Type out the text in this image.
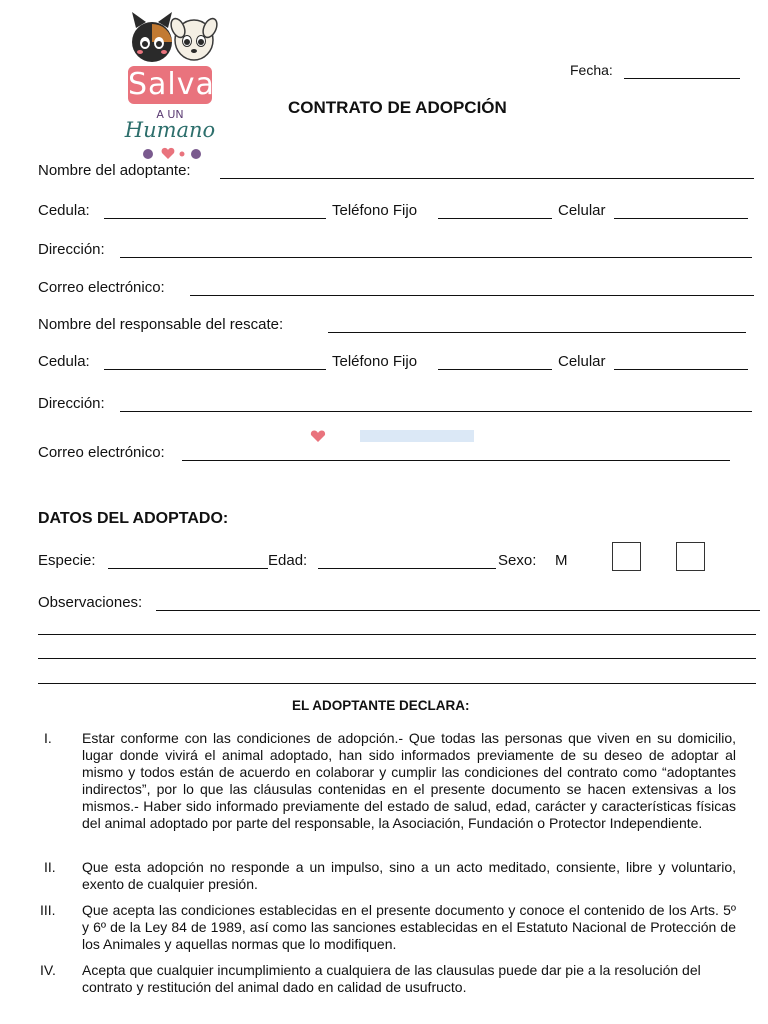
Salva
A UN
Humano
Fecha:
CONTRATO DE ADOPCIÓN
Nombre del adoptante:
Cedula:	Teléfono Fijo	Celular
Dirección:
Correo electrónico:
Nombre del responsable del rescate:
Cedula:	Teléfono Fijo	Celular
Dirección:
Correo electrónico:
DATOS DEL ADOPTADO:
Especie:	Edad:	Sexo: M
Observaciones:
EL ADOPTANTE DECLARA:
I. Estar conforme con las condiciones de adopción.- Que todas las personas que viven en su domicilio, lugar donde vivirá el animal adoptado, han sido informados previamente de su deseo de adoptar al mismo y todos están de acuerdo en colaborar y cumplir las condiciones del contrato como “adoptantes indirectos”, por lo que las cláusulas contenidas en el presente documento se hacen extensivas a los mismos.- Haber sido informado previamente del estado de salud, edad, carácter y características físicas del animal adoptado por parte del responsable, la Asociación, Fundación o Protector Independiente.
II. Que esta adopción no responde a un impulso, sino a un acto meditado, consiente, libre y voluntario, exento de cualquier presión.
III. Que acepta las condiciones establecidas en el presente documento y conoce el contenido de los Arts. 5º y 6º de la Ley 84 de 1989, así como las sanciones establecidas en el Estatuto Nacional de Protección de los Animales y aquellas normas que lo modifiquen.
IV. Acepta que cualquier incumplimiento a cualquiera de las clausulas puede dar pie a la resolución del contrato y restitución del animal dado en calidad de usufructo.
